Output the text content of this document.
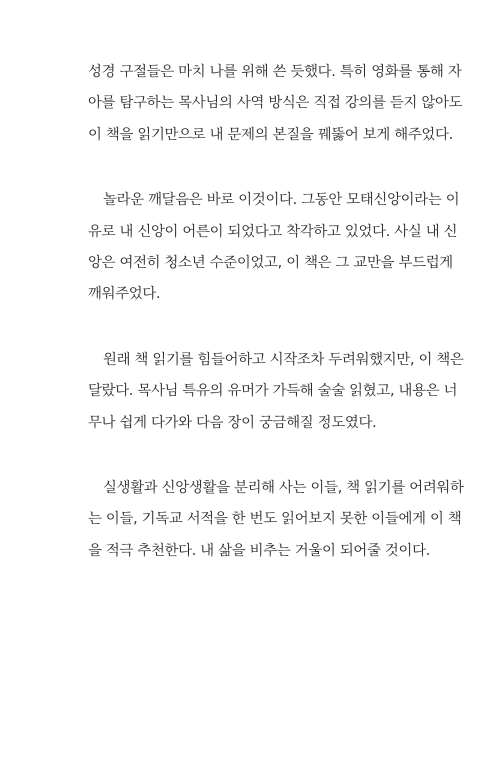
성경 구절들은 마치 나를 위해 쓴 듯했다. 특히 영화를 통해 자
아를 탐구하는 목사님의 사역 방식은 직접 강의를 듣지 않아도
이 책을 읽기만으로 내 문제의 본질을 꿰뚫어 보게 해주었다.
놀라운 깨달음은 바로 이것이다. 그동안 모태신앙이라는 이
유로 내 신앙이 어른이 되었다고 착각하고 있었다. 사실 내 신
앙은 여전히 청소년 수준이었고, 이 책은 그 교만을 부드럽게
깨워주었다.
원래 책 읽기를 힘들어하고 시작조차 두려워했지만, 이 책은
달랐다. 목사님 특유의 유머가 가득해 술술 읽혔고, 내용은 너
무나 쉽게 다가와 다음 장이 궁금해질 정도였다.
실생활과 신앙생활을 분리해 사는 이들, 책 읽기를 어려워하
는 이들, 기독교 서적을 한 번도 읽어보지 못한 이들에게 이 책
을 적극 추천한다. 내 삶을 비추는 거울이 되어줄 것이다.
